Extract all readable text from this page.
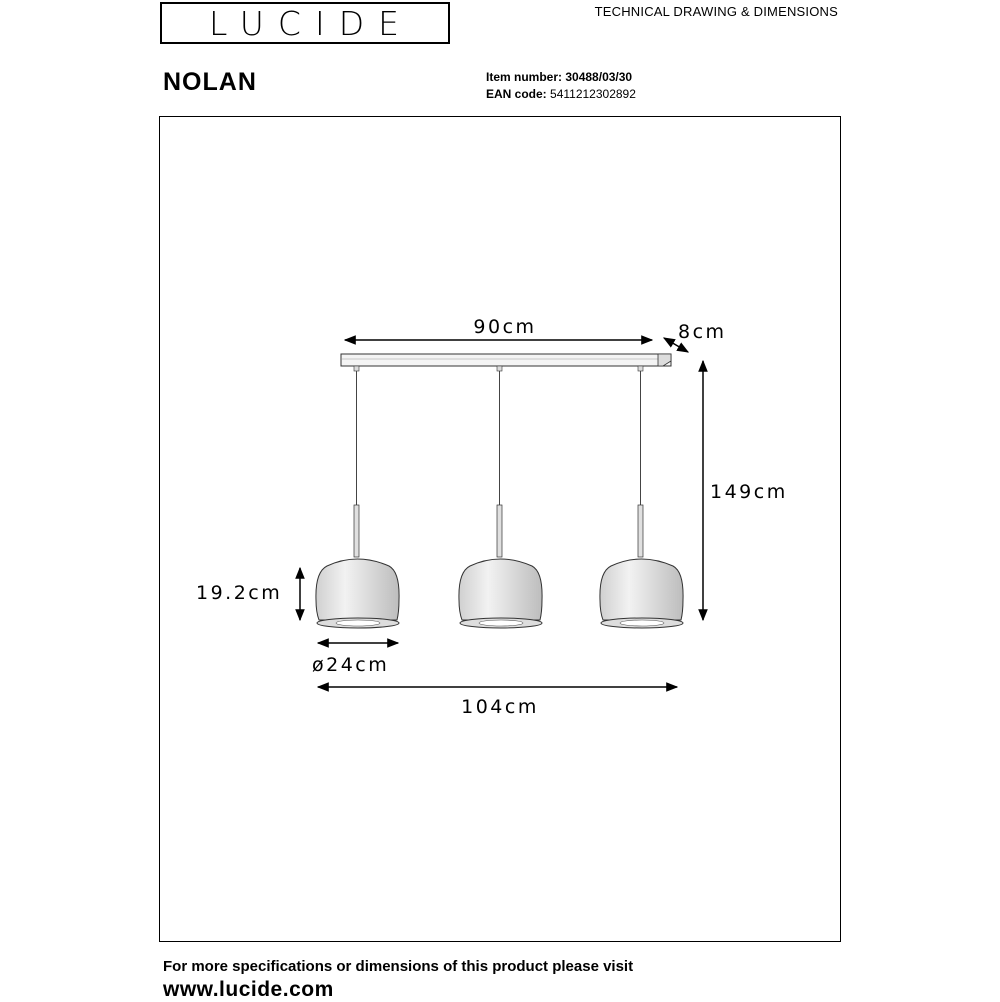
LUCIDE	TECHNICAL DRAWING & DIMENSIONS
NOLAN	Item number: 30488/03/30
EAN code: 5411212302892
90cm	8cm
149cm
19.2cm
ø24cm
104cm
For more specifications or dimensions of this product please visit
www.lucide.com
